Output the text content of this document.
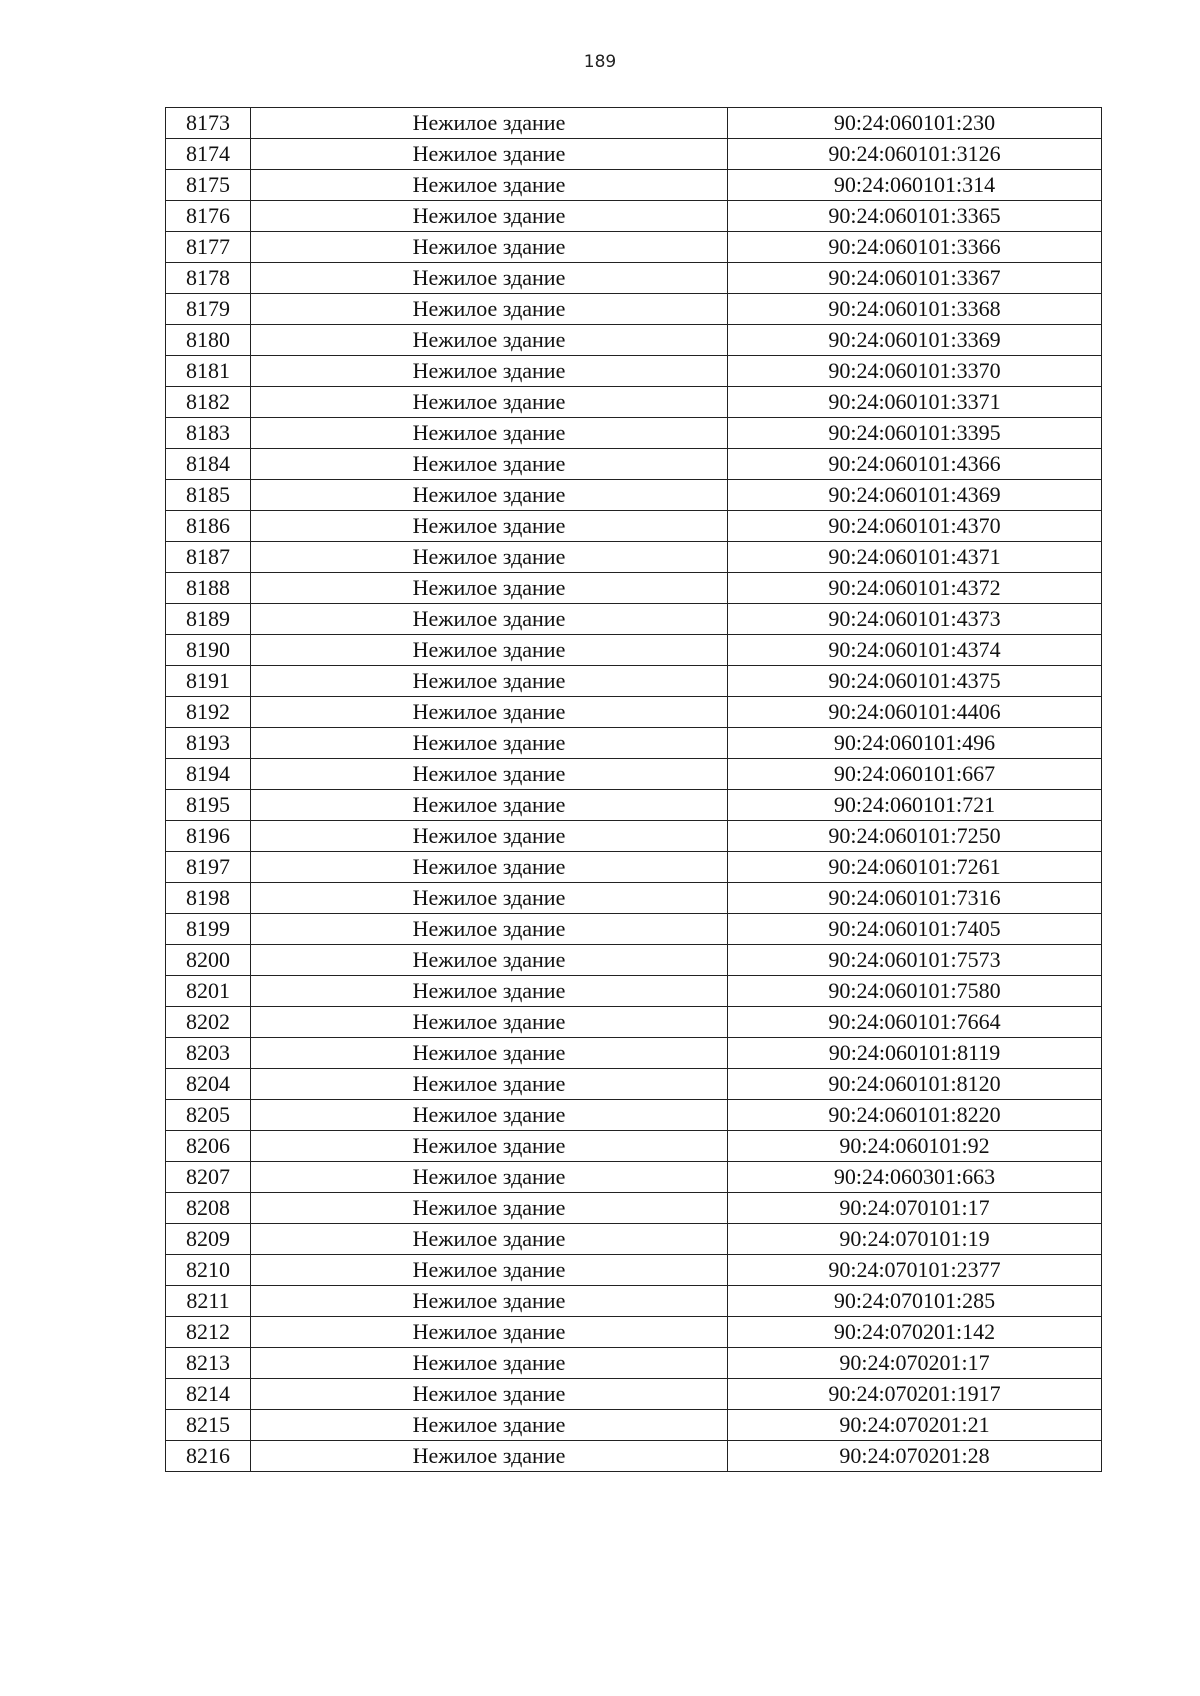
189
8173	Нежилое здание	90:24:060101:230
8174	Нежилое здание	90:24:060101:3126
8175	Нежилое здание	90:24:060101:314
8176	Нежилое здание	90:24:060101:3365
8177	Нежилое здание	90:24:060101:3366
8178	Нежилое здание	90:24:060101:3367
8179	Нежилое здание	90:24:060101:3368
8180	Нежилое здание	90:24:060101:3369
8181	Нежилое здание	90:24:060101:3370
8182	Нежилое здание	90:24:060101:3371
8183	Нежилое здание	90:24:060101:3395
8184	Нежилое здание	90:24:060101:4366
8185	Нежилое здание	90:24:060101:4369
8186	Нежилое здание	90:24:060101:4370
8187	Нежилое здание	90:24:060101:4371
8188	Нежилое здание	90:24:060101:4372
8189	Нежилое здание	90:24:060101:4373
8190	Нежилое здание	90:24:060101:4374
8191	Нежилое здание	90:24:060101:4375
8192	Нежилое здание	90:24:060101:4406
8193	Нежилое здание	90:24:060101:496
8194	Нежилое здание	90:24:060101:667
8195	Нежилое здание	90:24:060101:721
8196	Нежилое здание	90:24:060101:7250
8197	Нежилое здание	90:24:060101:7261
8198	Нежилое здание	90:24:060101:7316
8199	Нежилое здание	90:24:060101:7405
8200	Нежилое здание	90:24:060101:7573
8201	Нежилое здание	90:24:060101:7580
8202	Нежилое здание	90:24:060101:7664
8203	Нежилое здание	90:24:060101:8119
8204	Нежилое здание	90:24:060101:8120
8205	Нежилое здание	90:24:060101:8220
8206	Нежилое здание	90:24:060101:92
8207	Нежилое здание	90:24:060301:663
8208	Нежилое здание	90:24:070101:17
8209	Нежилое здание	90:24:070101:19
8210	Нежилое здание	90:24:070101:2377
8211	Нежилое здание	90:24:070101:285
8212	Нежилое здание	90:24:070201:142
8213	Нежилое здание	90:24:070201:17
8214	Нежилое здание	90:24:070201:1917
8215	Нежилое здание	90:24:070201:21
8216	Нежилое здание	90:24:070201:28
